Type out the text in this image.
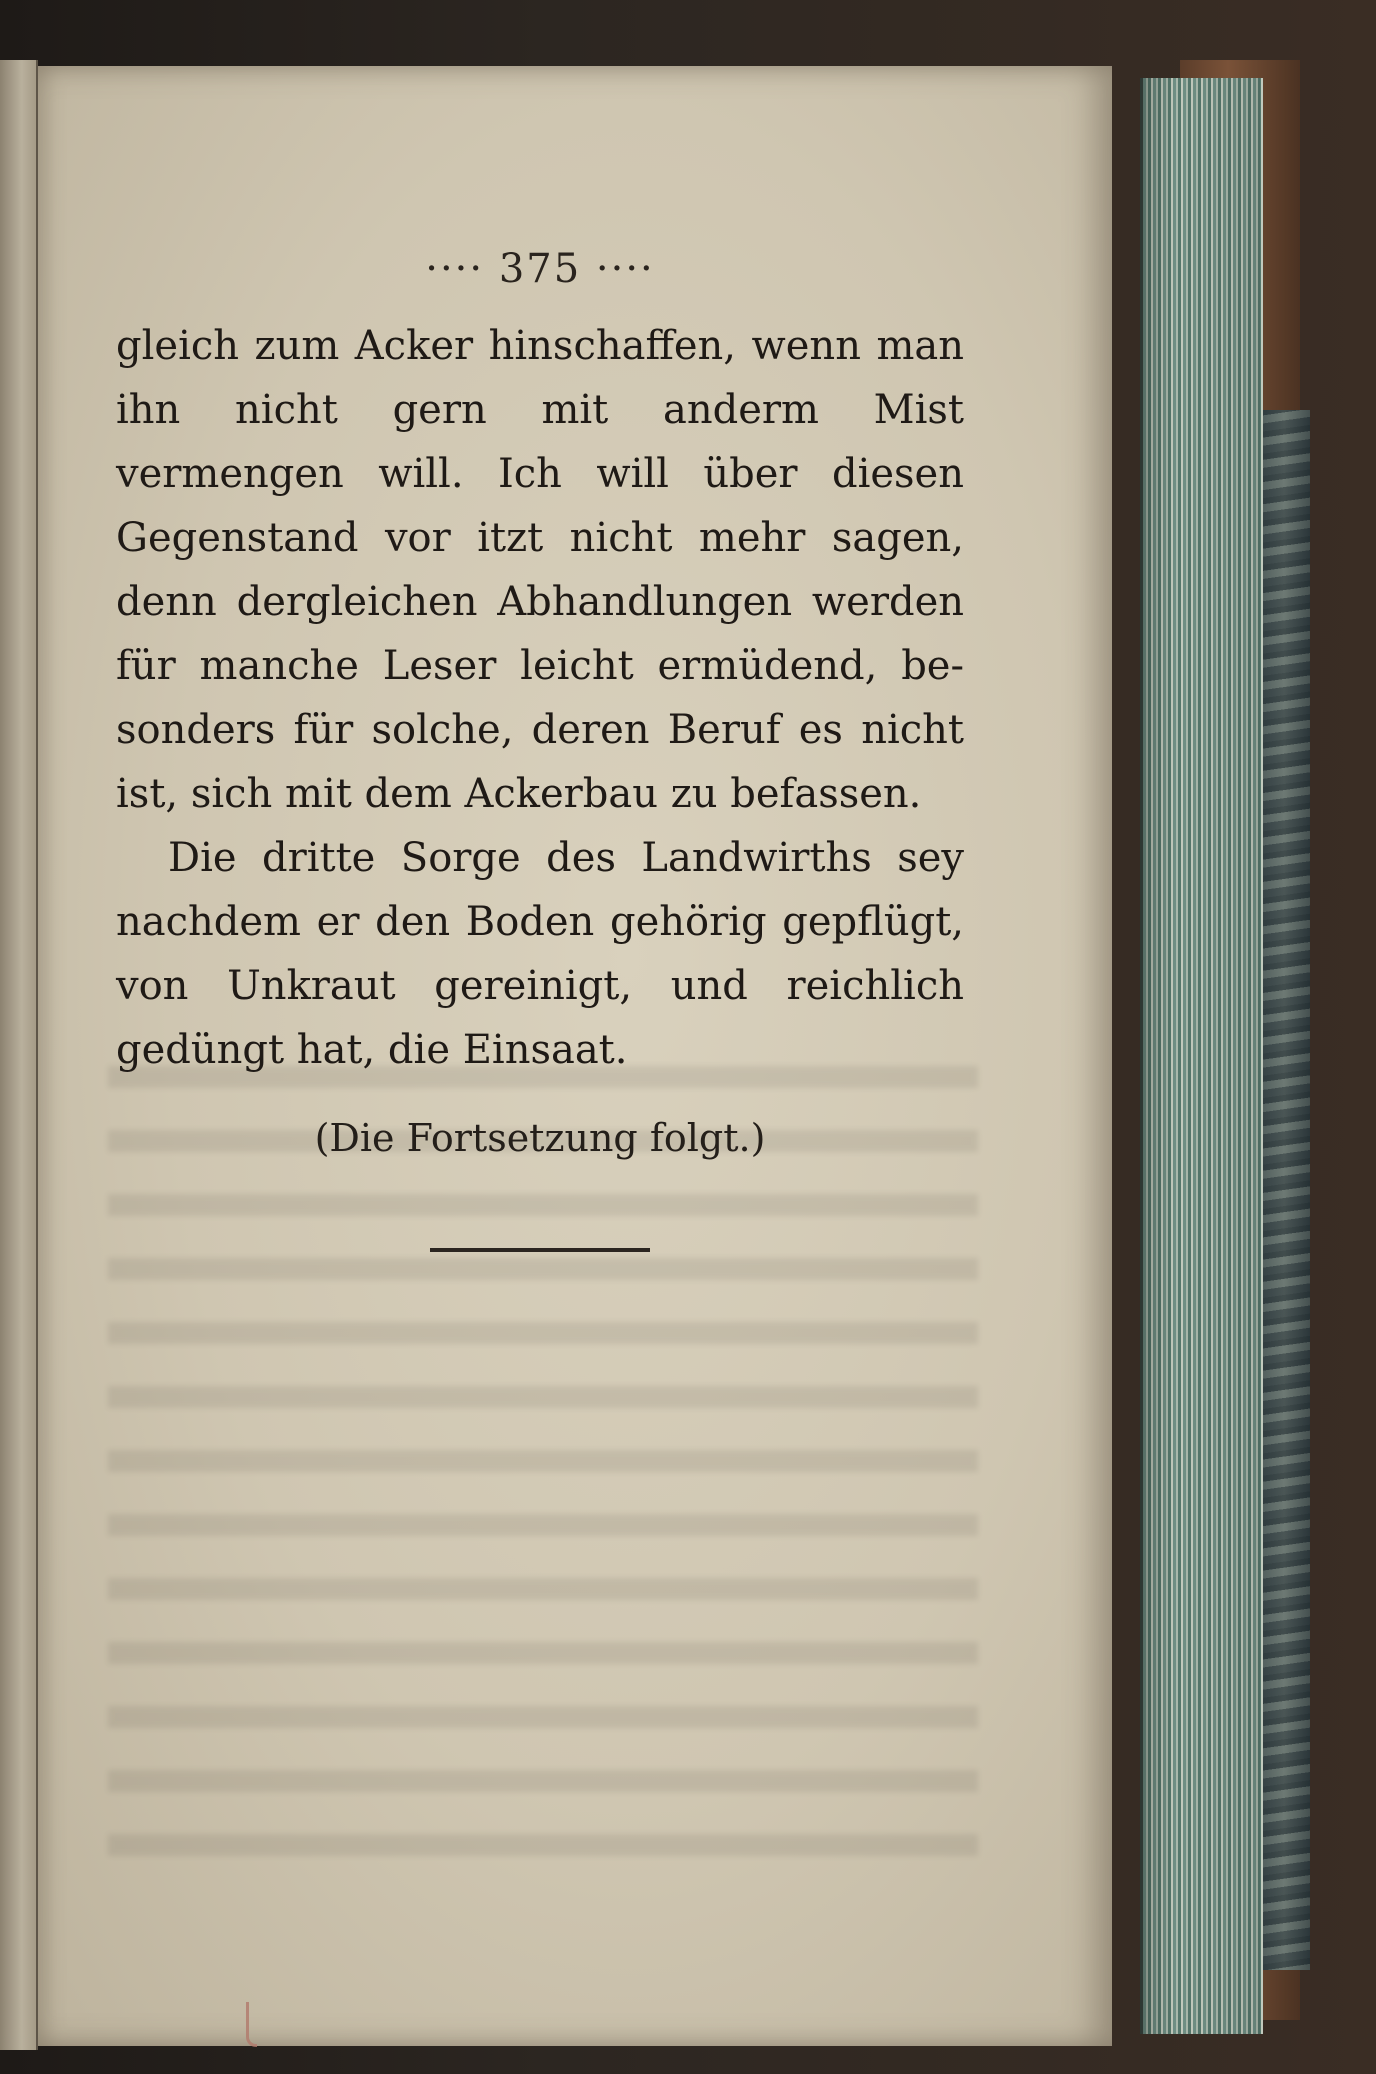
···· 375 ····

gleich zum Acker hinschaffen, wenn man ihn nicht gern mit anderm Mist vermengen will. Ich will über diesen Gegenstand vor itzt nicht mehr sagen, denn dergleichen Abhandlungen werden für manche Leser leicht ermüdend, besonders für solche, deren Beruf es nicht ist, sich mit dem Ackerbau zu befassen.

Die dritte Sorge des Landwirths sey nachdem er den Boden gehörig gepflügt, von Unkraut gereinigt, und reichlich gedüngt hat, die Einsaat.

(Die Fortsetzung folgt.)
